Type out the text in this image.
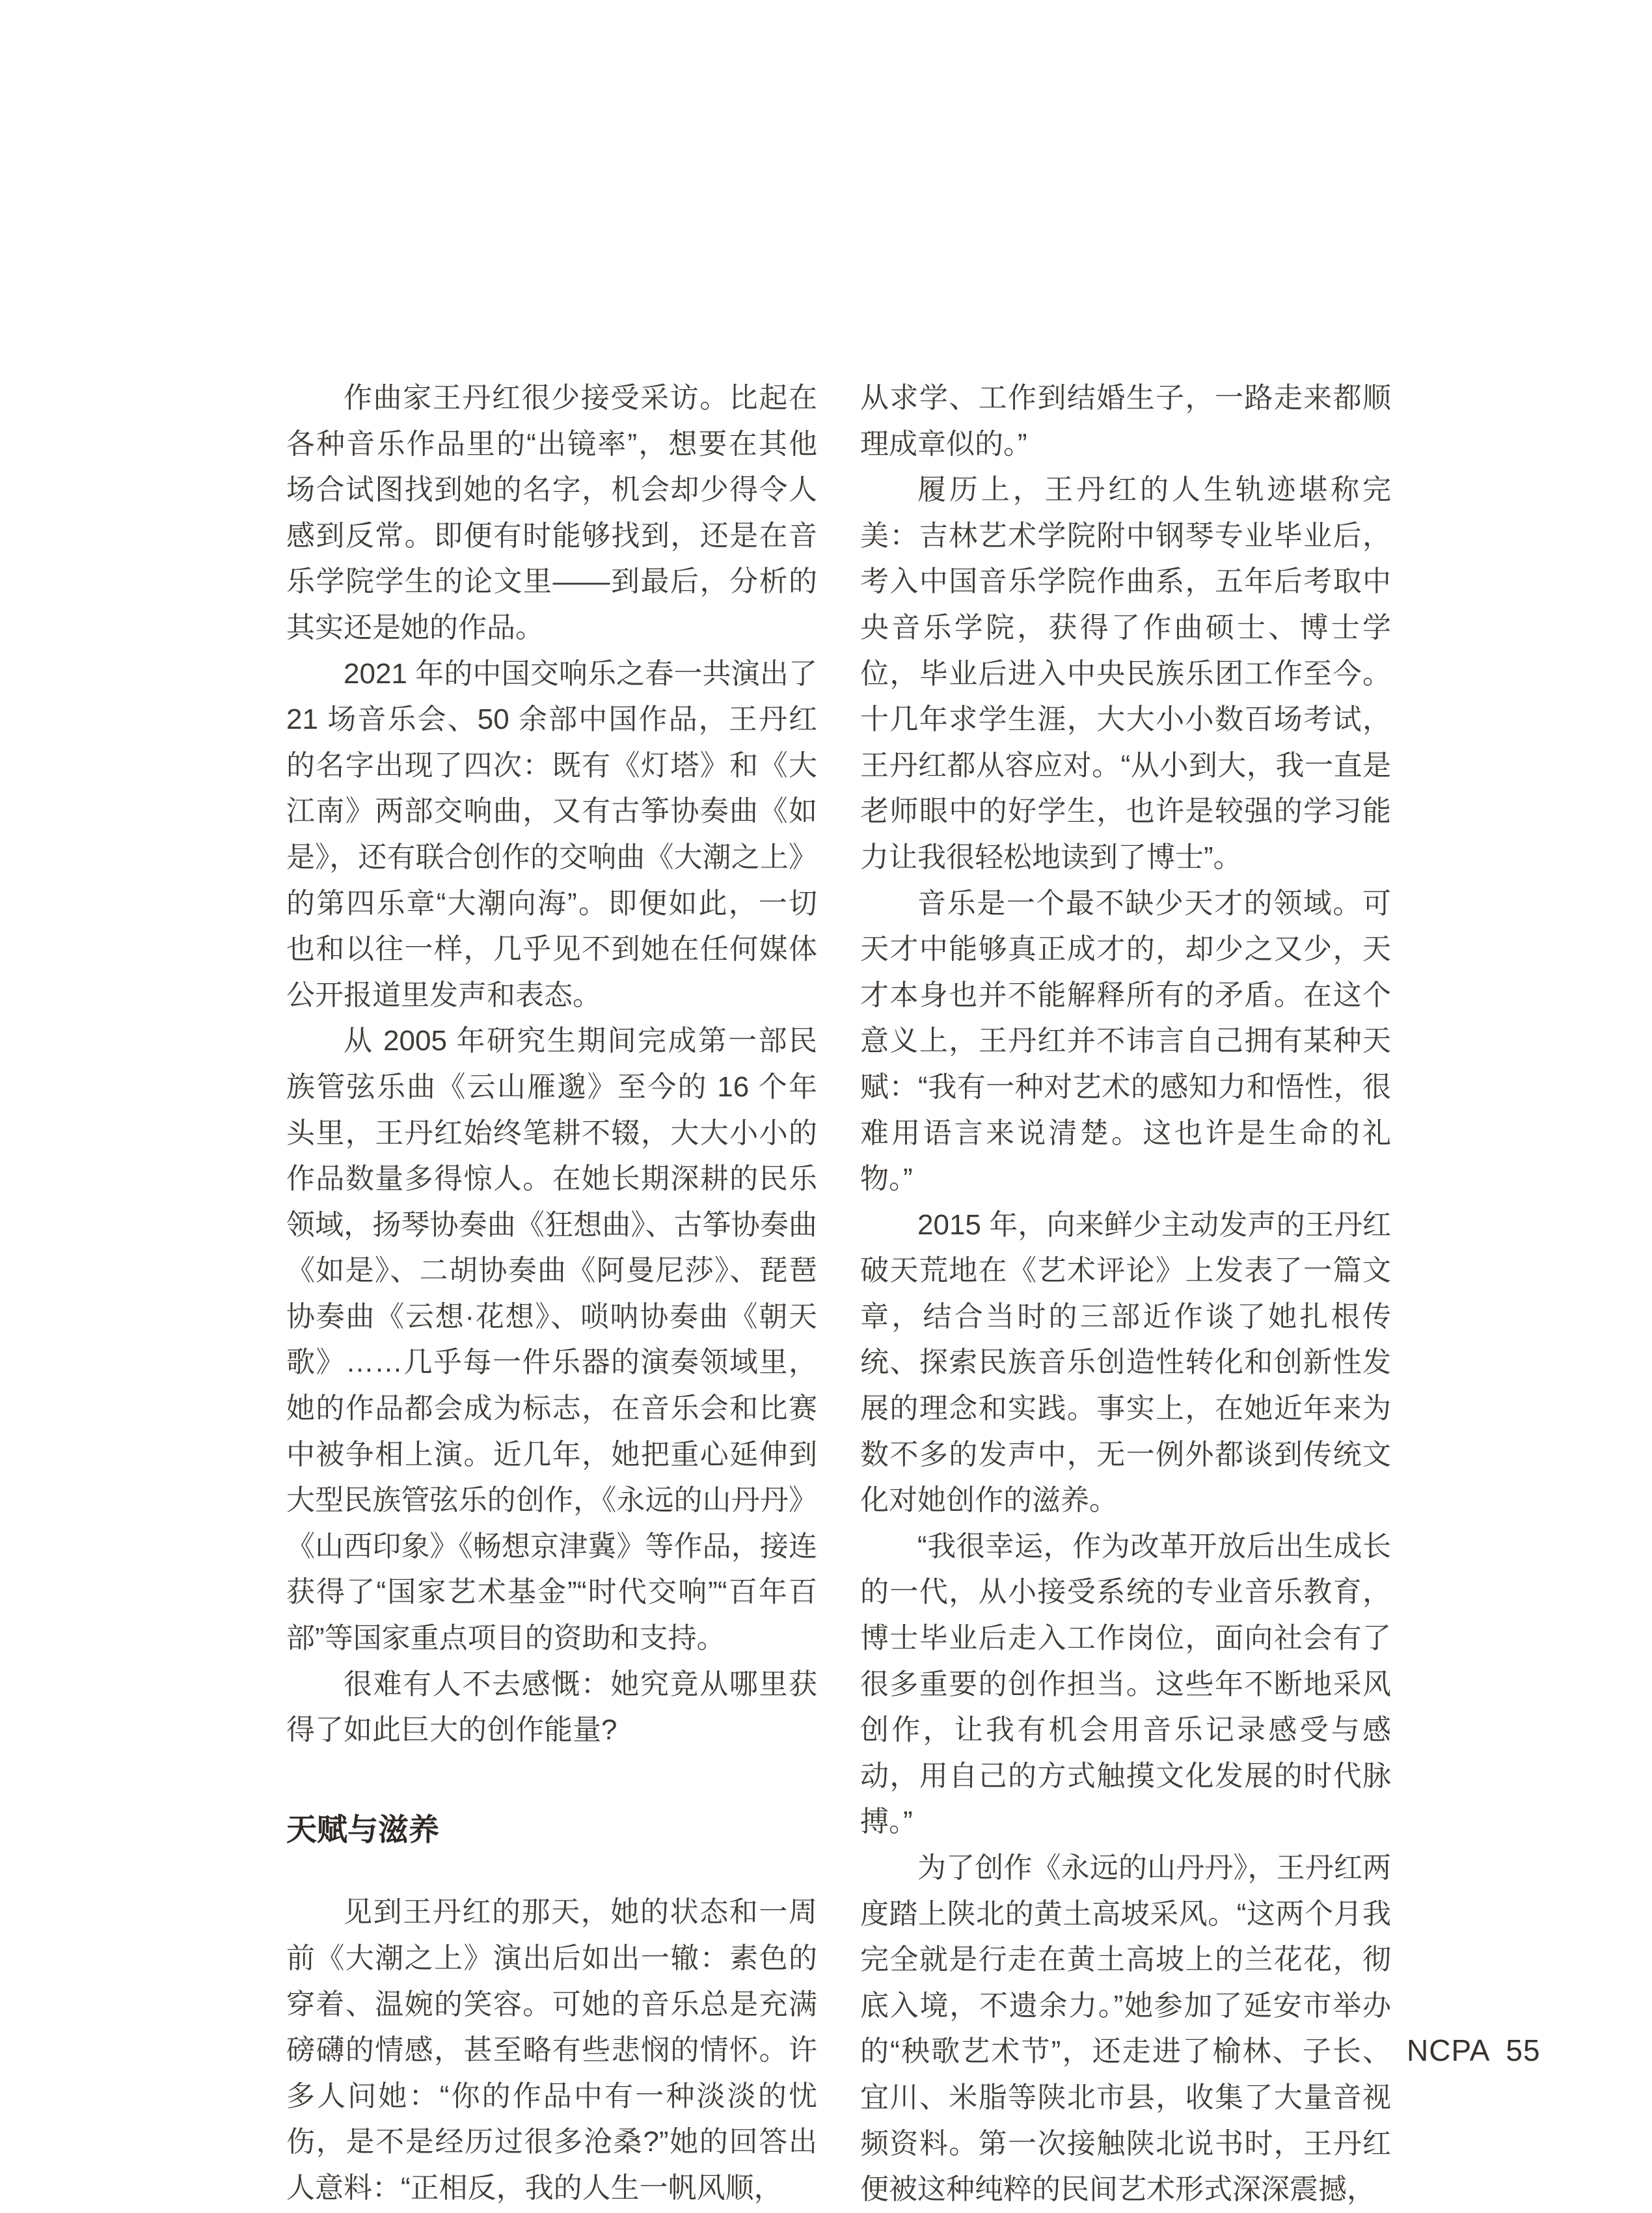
作曲家王丹红很少接受采访。比起在各种音乐作品里的“出镜率”，想要在其他场合试图找到她的名字，机会却少得令人感到反常。即便有时能够找到，还是在音乐学院学生的论文里——到最后，分析的其实还是她的作品。

2021 年的中国交响乐之春一共演出了 21 场音乐会、50 余部中国作品，王丹红的名字出现了四次：既有《灯塔》和《大江南》两部交响曲，又有古筝协奏曲《如是》，还有联合创作的交响曲《大潮之上》的第四乐章“大潮向海”。即便如此，一切也和以往一样，几乎见不到她在任何媒体公开报道里发声和表态。

从 2005 年研究生期间完成第一部民族管弦乐曲《云山雁邈》至今的 16 个年头里，王丹红始终笔耕不辍，大大小小的作品数量多得惊人。在她长期深耕的民乐领域，扬琴协奏曲《狂想曲》、古筝协奏曲《如是》、二胡协奏曲《阿曼尼莎》、琵琶协奏曲《云想·花想》、唢呐协奏曲《朝天歌》……几乎每一件乐器的演奏领域里，她的作品都会成为标志，在音乐会和比赛中被争相上演。近几年，她把重心延伸到大型民族管弦乐的创作，《永远的山丹丹》《山西印象》《畅想京津冀》等作品，接连获得了“国家艺术基金”“时代交响”“百年百部”等国家重点项目的资助和支持。

很难有人不去感慨：她究竟从哪里获得了如此巨大的创作能量?

天赋与滋养

见到王丹红的那天，她的状态和一周前《大潮之上》演出后如出一辙：素色的穿着、温婉的笑容。可她的音乐总是充满磅礴的情感，甚至略有些悲悯的情怀。许多人问她：“你的作品中有一种淡淡的忧伤，是不是经历过很多沧桑?”她的回答出人意料：“正相反，我的人生一帆风顺，

从求学、工作到结婚生子，一路走来都顺理成章似的。”

履历上，王丹红的人生轨迹堪称完美：吉林艺术学院附中钢琴专业毕业后，考入中国音乐学院作曲系，五年后考取中央音乐学院，获得了作曲硕士、博士学位，毕业后进入中央民族乐团工作至今。十几年求学生涯，大大小小数百场考试，王丹红都从容应对。“从小到大，我一直是老师眼中的好学生，也许是较强的学习能力让我很轻松地读到了博士”。

音乐是一个最不缺少天才的领域。可天才中能够真正成才的，却少之又少，天才本身也并不能解释所有的矛盾。在这个意义上，王丹红并不讳言自己拥有某种天赋：“我有一种对艺术的感知力和悟性，很难用语言来说清楚。这也许是生命的礼物。”

2015 年，向来鲜少主动发声的王丹红破天荒地在《艺术评论》上发表了一篇文章，结合当时的三部近作谈了她扎根传统、探索民族音乐创造性转化和创新性发展的理念和实践。事实上，在她近年来为数不多的发声中，无一例外都谈到传统文化对她创作的滋养。

“我很幸运，作为改革开放后出生成长的一代，从小接受系统的专业音乐教育，博士毕业后走入工作岗位，面向社会有了很多重要的创作担当。这些年不断地采风创作，让我有机会用音乐记录感受与感动，用自己的方式触摸文化发展的时代脉搏。”

为了创作《永远的山丹丹》，王丹红两度踏上陕北的黄土高坡采风。“这两个月我完全就是行走在黄土高坡上的兰花花，彻底入境，不遗余力。”她参加了延安市举办的“秧歌艺术节”，还走进了榆林、子长、宜川、米脂等陕北市县，收集了大量音视频资料。第一次接触陕北说书时，王丹红便被这种纯粹的民间艺术形式深深震撼，

NCPA 55
